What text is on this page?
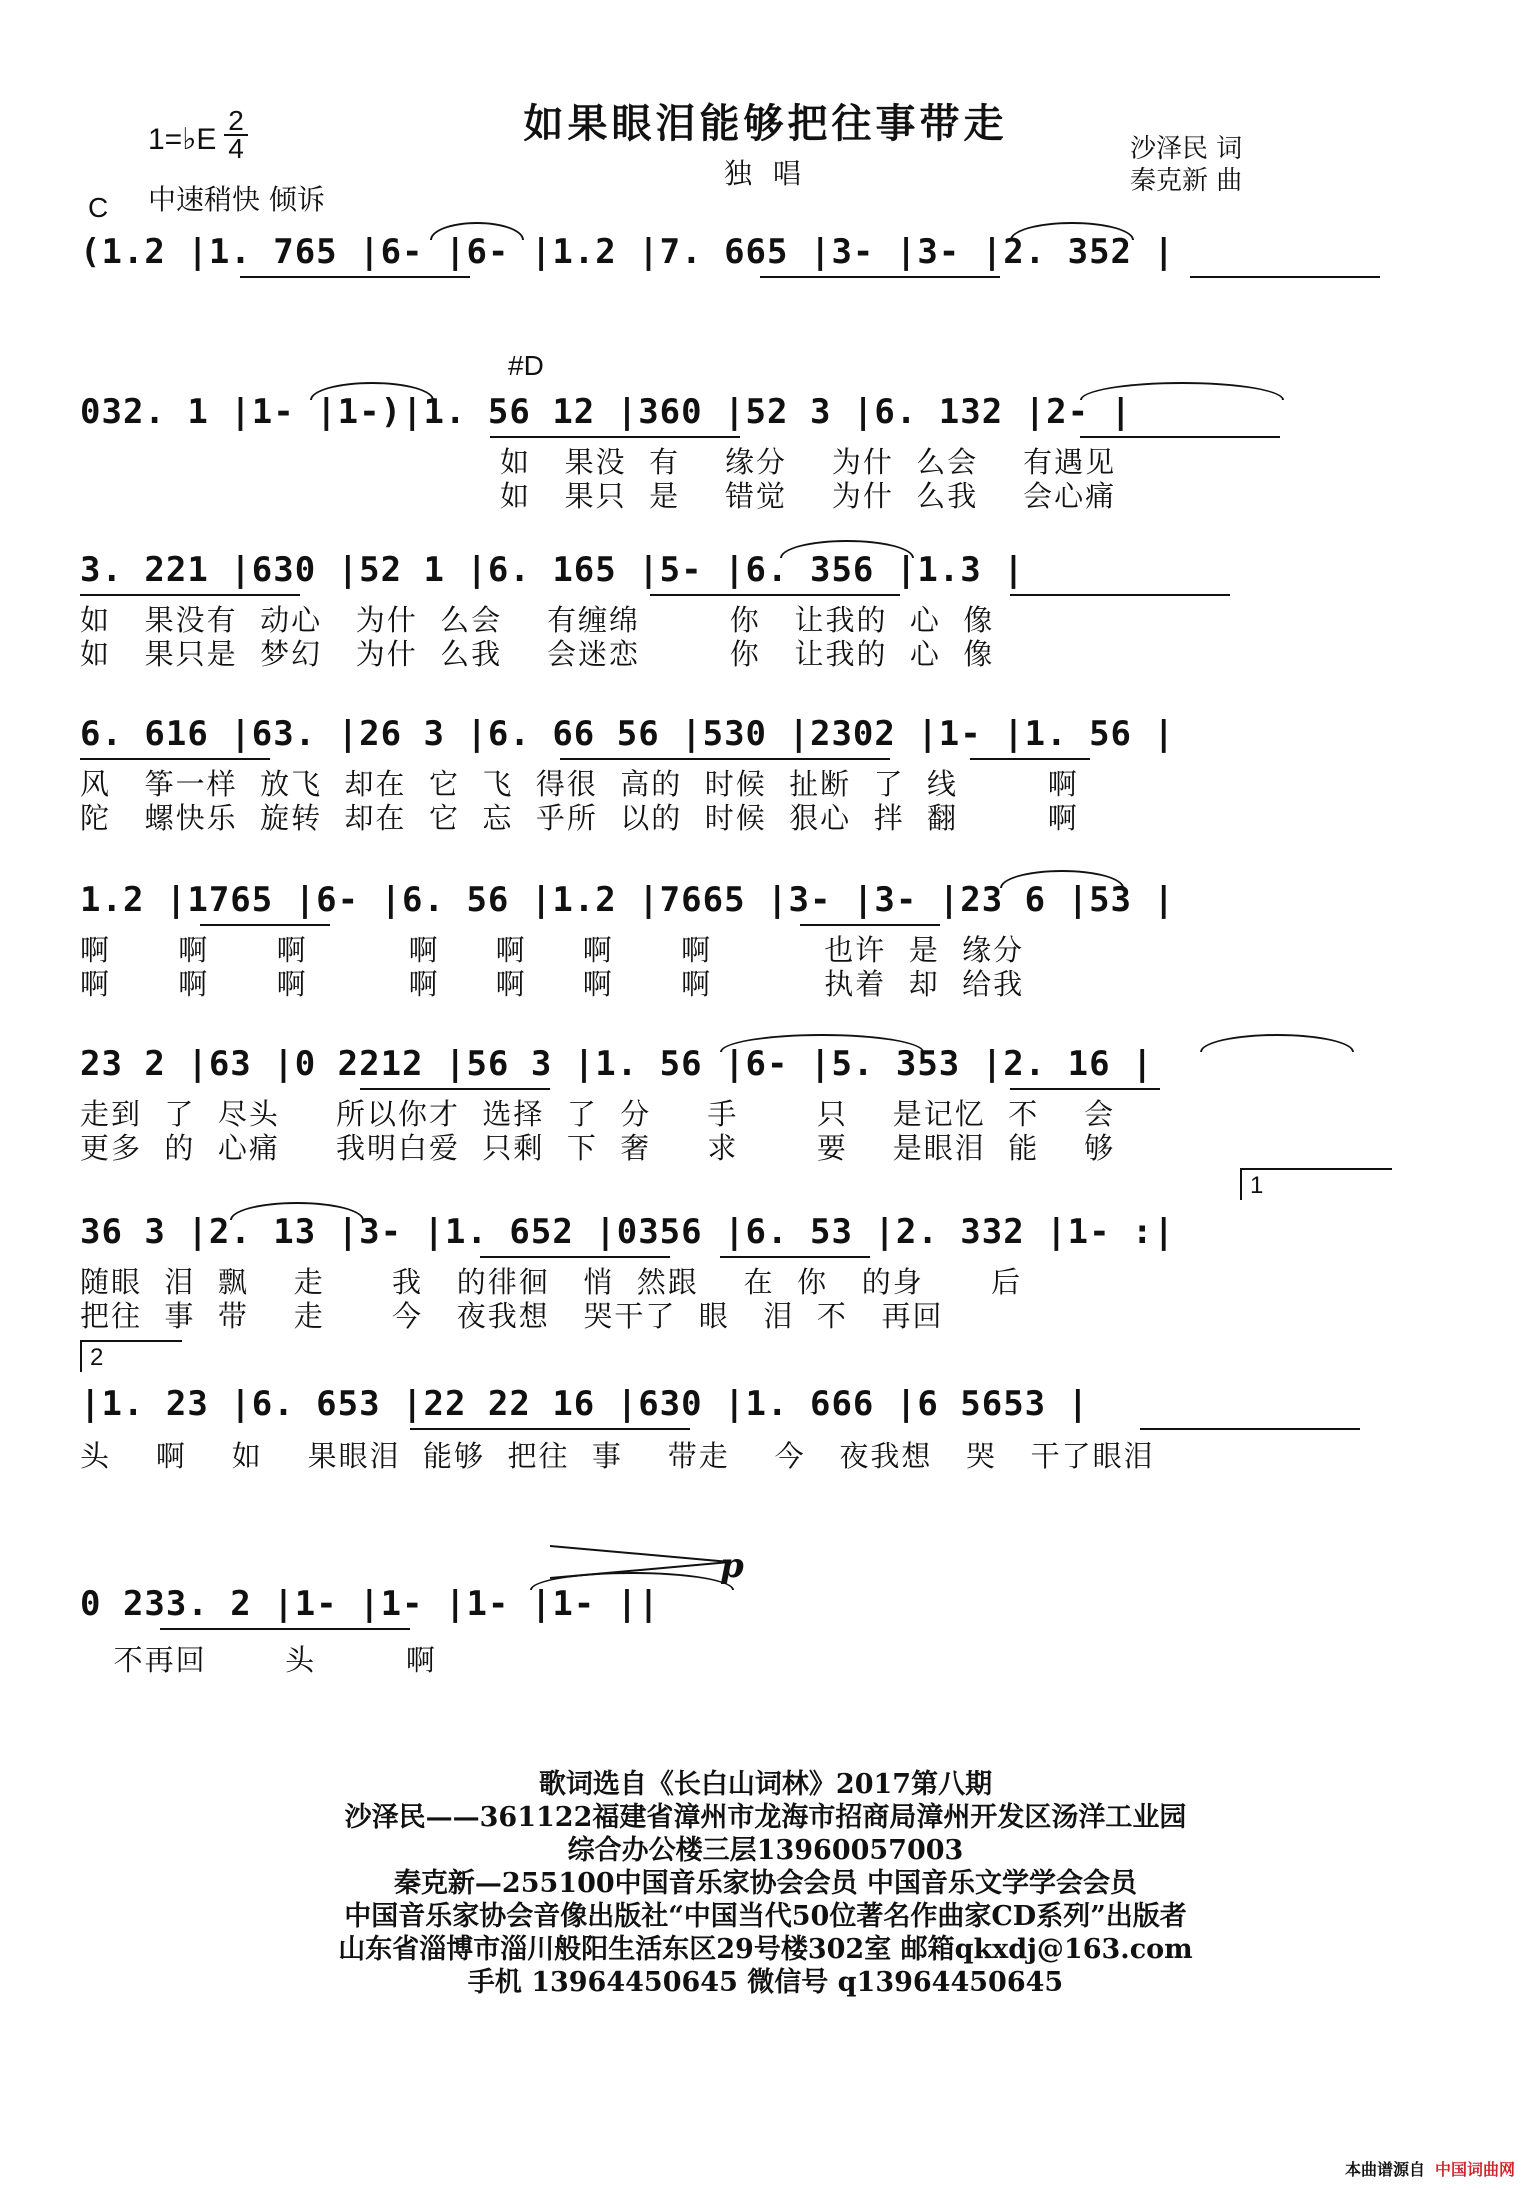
如果眼泪能够把往事带走
独 唱
沙泽民 词
秦克新 曲
1=♭E
2
4
中速稍快 倾诉
C
#D
(1.2 |1. 765 |6- |6- |1.2 |7. 665 |3- |3- |2. 352 |
032. 1 |1- |1-)|1. 56 12 |360 |52 3 |6. 132 |2- |
如   果没  有    缘分    为什  么会    有遇见
如   果只  是    错觉    为什  么我    会心痛
3. 221 |630 |52 1 |6. 165 |5- |6. 356 |1.3 |
如   果没有  动心   为什  么会    有缠绵        你   让我的  心  像
如   果只是  梦幻   为什  么我    会迷恋        你   让我的  心  像
6. 616 |63. |26 3 |6. 66 56 |530 |2302 |1- |1. 56 |
风   筝一样  放飞  却在  它  飞  得很  高的  时候  扯断  了  线        啊
陀   螺快乐  旋转  却在  它  忘  乎所  以的  时候  狠心  拌  翻        啊
1.2 |1765 |6- |6. 56 |1.2 |7665 |3- |3- |23 6 |53 |
啊      啊      啊         啊     啊     啊      啊          也许  是  缘分
啊      啊      啊         啊     啊     啊      啊          执着  却  给我
23 2 |63 |0 2212 |56 3 |1. 56 |6- |5. 353 |2. 16 |
走到  了  尽头     所以你才  选择  了  分     手       只    是记忆  不    会
更多  的  心痛     我明白爱  只剩  下  奢     求       要    是眼泪  能    够
36 3 |2. 13 |3- |1. 652 |0356 |6. 53 |2. 332 |1- :|
1
随眼  泪  飘    走      我   的徘徊   悄  然跟    在  你   的身      后
把往  事  带    走      今   夜我想   哭干了  眼   泪  不   再回
2
|1. 23 |6. 653 |22 22 16 |630 |1. 666 |6 5653 |
头    啊    如    果眼泪  能够  把往  事    带走    今   夜我想   哭   干了眼泪
0 233. 2 |1- |1- |1- |1- ||
p
不再回       头        啊
歌词选自《长白山词林》2017第八期
沙泽民——361122福建省漳州市龙海市招商局漳州开发区汤洋工业园
综合办公楼三层13960057003
秦克新—255100中国音乐家协会会员 中国音乐文学学会会员
中国音乐家协会音像出版社“中国当代50位著名作曲家CD系列”出版者
山东省淄博市淄川般阳生活东区29号楼302室 邮箱qkxdj@163.com
手机 13964450645 微信号 q13964450645
本曲谱源自 中国词曲网
